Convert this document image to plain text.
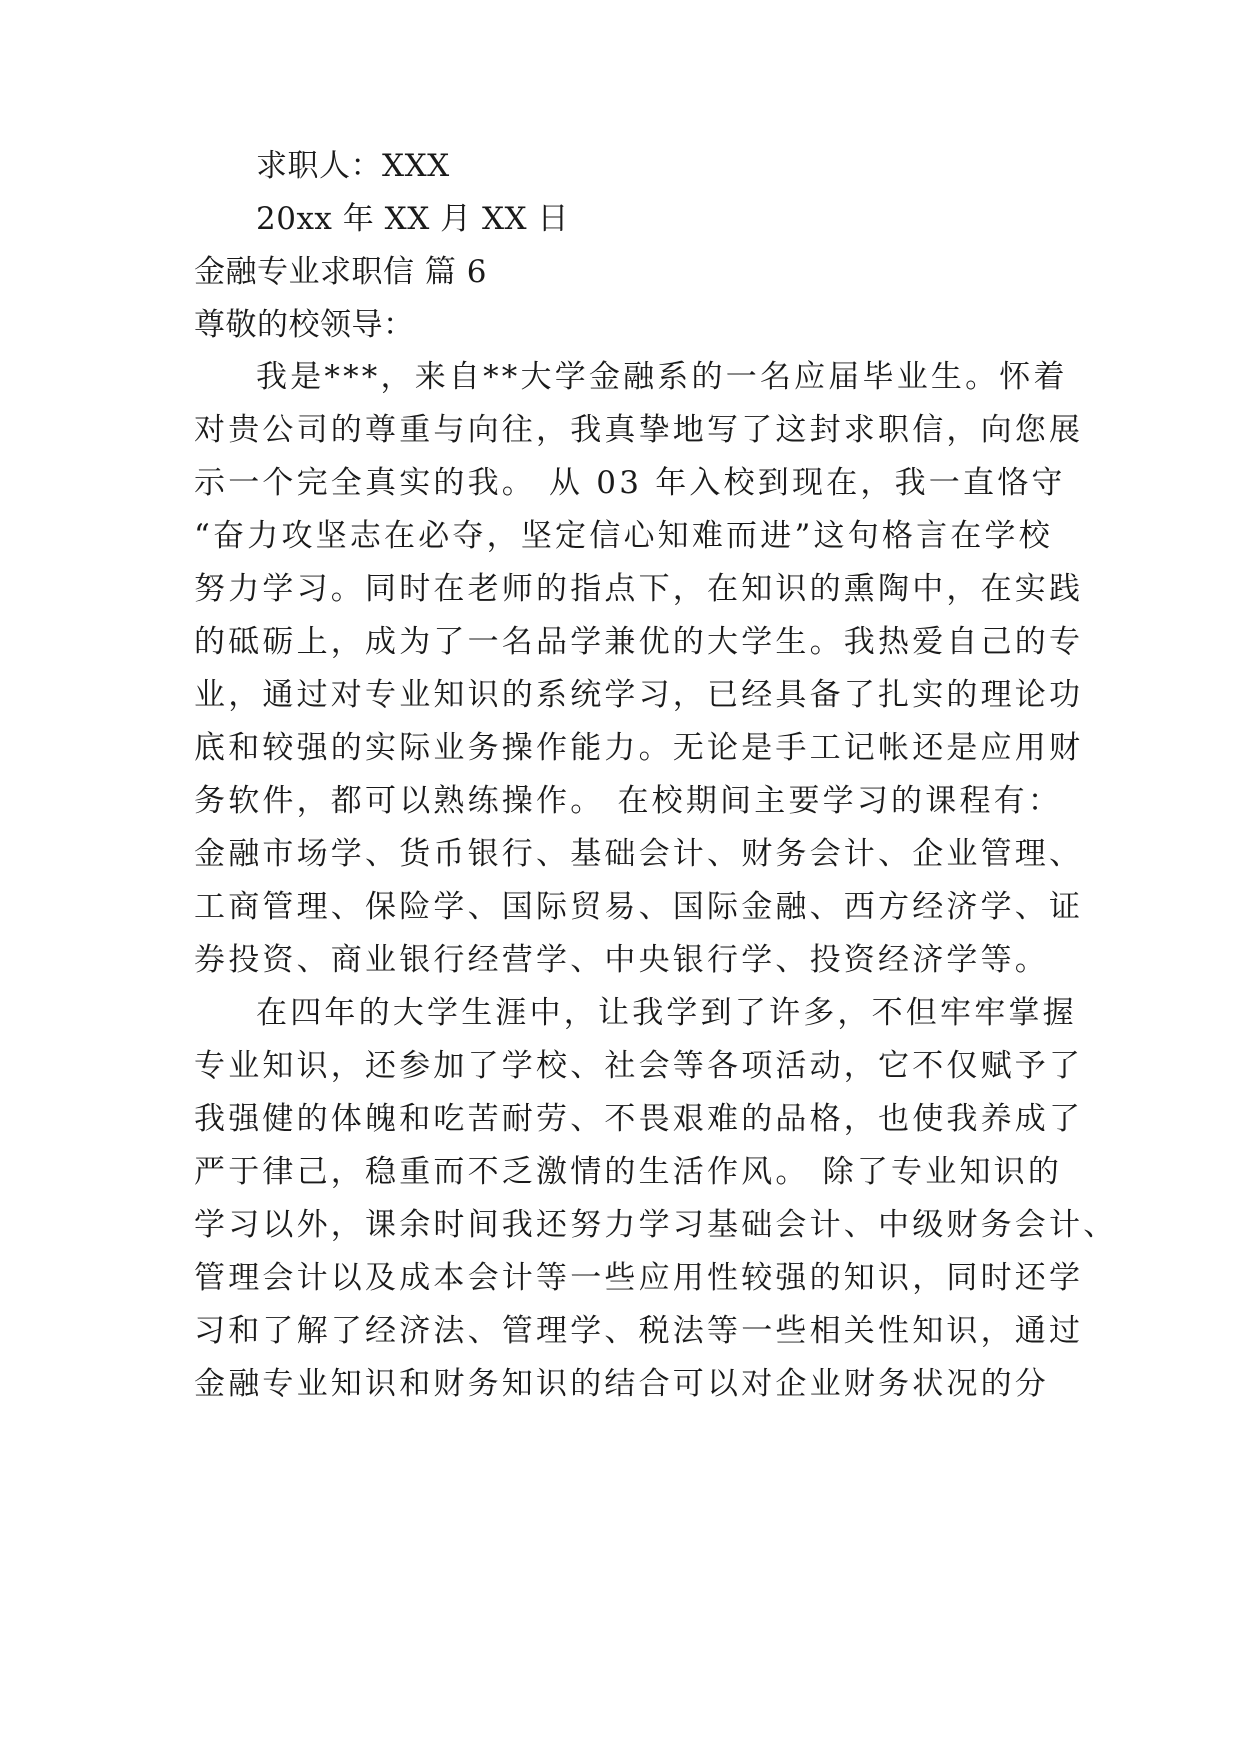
求职人：XXX
20xx 年 XX 月 XX 日
金融专业求职信 篇 6
尊敬的校领导：
我是***，来自**大学金融系的一名应届毕业生。怀着
对贵公司的尊重与向往，我真挚地写了这封求职信，向您展
示一个完全真实的我。 从 03 年入校到现在，我一直恪守
“奋力攻坚志在必夺，坚定信心知难而进”这句格言在学校
努力学习。同时在老师的指点下，在知识的熏陶中，在实践
的砥砺上，成为了一名品学兼优的大学生。我热爱自己的专
业，通过对专业知识的系统学习，已经具备了扎实的理论功
底和较强的实际业务操作能力。无论是手工记帐还是应用财
务软件，都可以熟练操作。 在校期间主要学习的课程有：
金融市场学、货币银行、基础会计、财务会计、企业管理、
工商管理、保险学、国际贸易、国际金融、西方经济学、证
券投资、商业银行经营学、中央银行学、投资经济学等。
在四年的大学生涯中，让我学到了许多，不但牢牢掌握
专业知识，还参加了学校、社会等各项活动，它不仅赋予了
我强健的体魄和吃苦耐劳、不畏艰难的品格，也使我养成了
严于律己，稳重而不乏激情的生活作风。 除了专业知识的
学习以外，课余时间我还努力学习基础会计、中级财务会计、
管理会计以及成本会计等一些应用性较强的知识，同时还学
习和了解了经济法、管理学、税法等一些相关性知识，通过
金融专业知识和财务知识的结合可以对企业财务状况的分
